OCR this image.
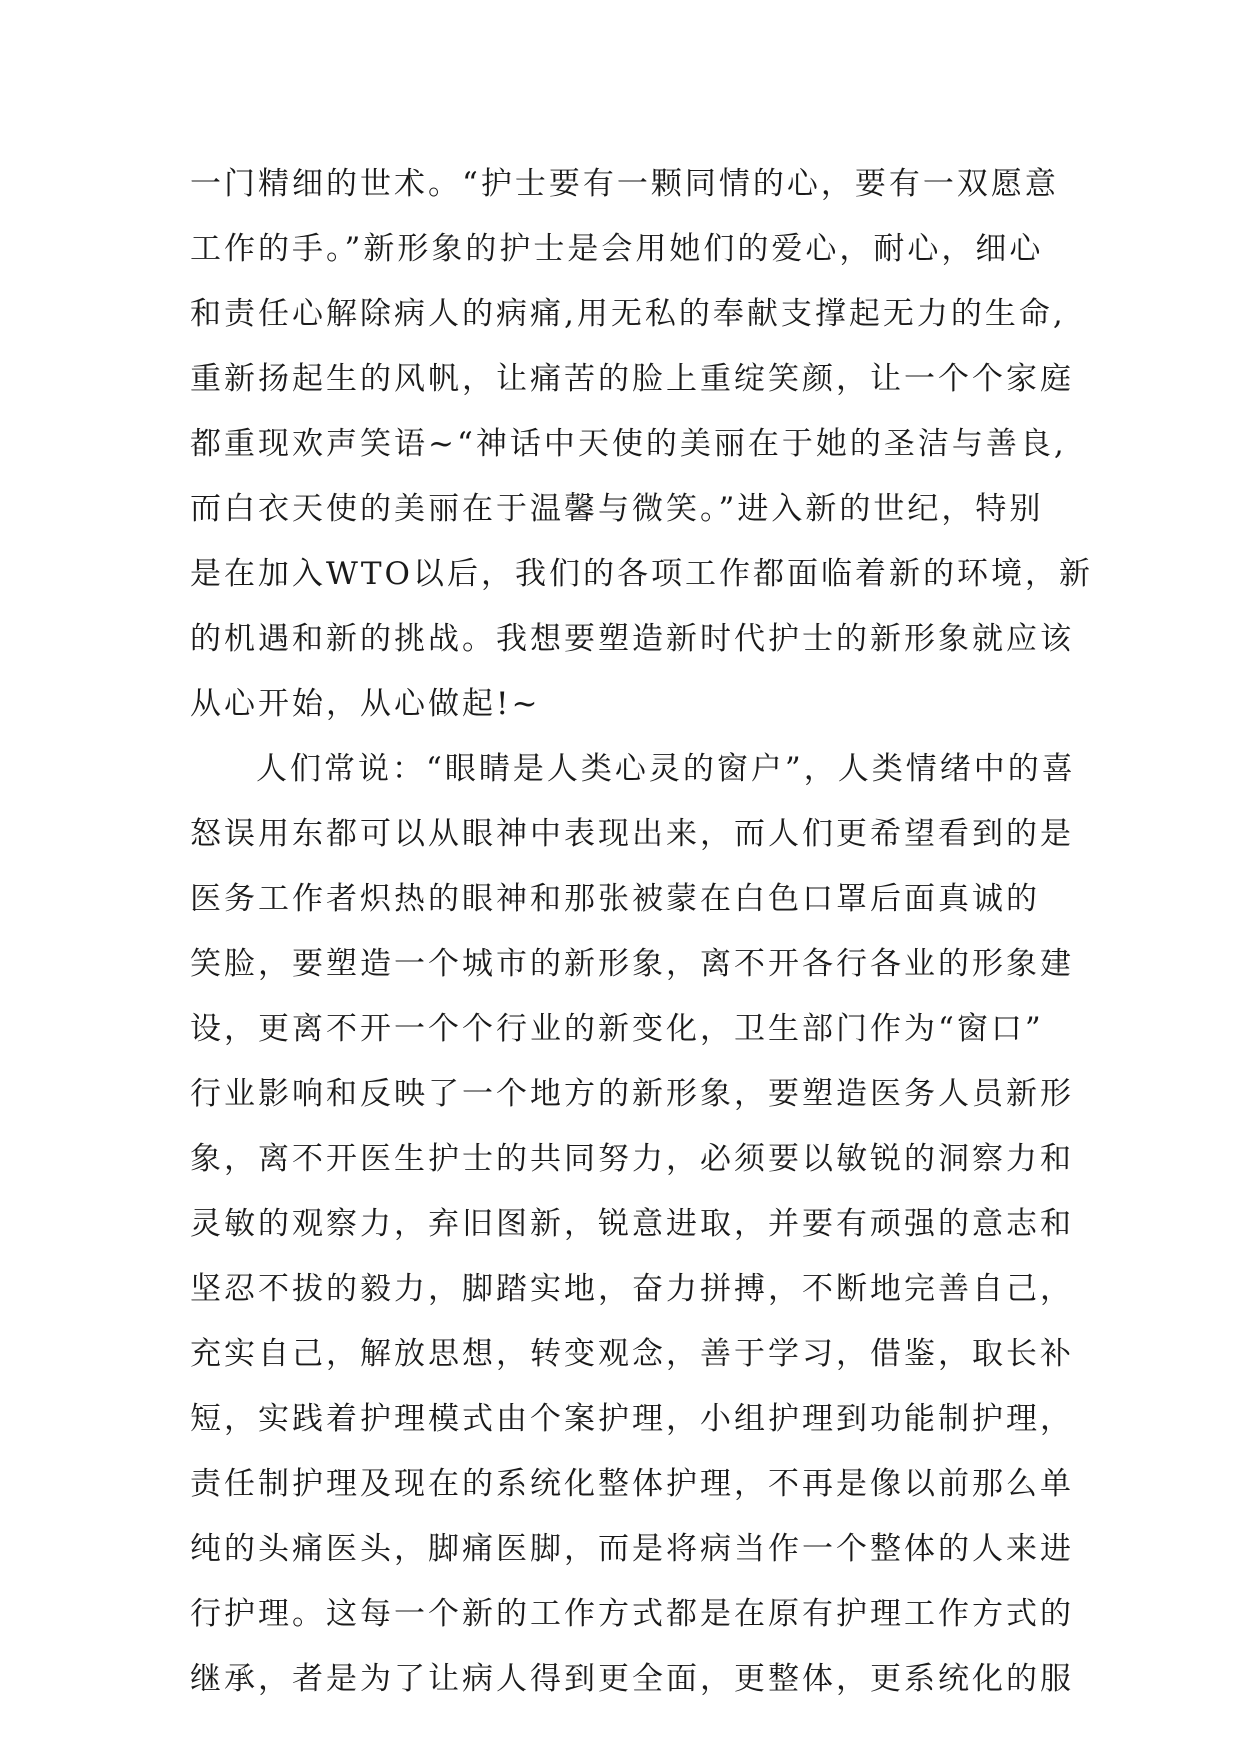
一门精细的世术。“护士要有一颗同情的心，要有一双愿意
工作的手。”新形象的护士是会用她们的爱心，耐心，细心
和责任心解除病人的病痛,用无私的奉献支撑起无力的生命,
重新扬起生的风帆，让痛苦的脸上重绽笑颜，让一个个家庭
都重现欢声笑语~“神话中天使的美丽在于她的圣洁与善良,
而白衣天使的美丽在于温馨与微笑。”进入新的世纪，特别
是在加入WTO以后，我们的各项工作都面临着新的环境，新
的机遇和新的挑战。我想要塑造新时代护士的新形象就应该
从心开始，从心做起!~
人们常说：“眼睛是人类心灵的窗户”，人类情绪中的喜
怒误用东都可以从眼神中表现出来，而人们更希望看到的是
医务工作者炽热的眼神和那张被蒙在白色口罩后面真诚的
笑脸，要塑造一个城市的新形象，离不开各行各业的形象建
设，更离不开一个个行业的新变化，卫生部门作为“窗口”
行业影响和反映了一个地方的新形象，要塑造医务人员新形
象，离不开医生护士的共同努力，必须要以敏锐的洞察力和
灵敏的观察力，弃旧图新，锐意进取，并要有顽强的意志和
坚忍不拔的毅力，脚踏实地，奋力拼搏，不断地完善自己，
充实自己，解放思想，转变观念，善于学习，借鉴，取长补
短，实践着护理模式由个案护理，小组护理到功能制护理，
责任制护理及现在的系统化整体护理，不再是像以前那么单
纯的头痛医头，脚痛医脚，而是将病当作一个整体的人来进
行护理。这每一个新的工作方式都是在原有护理工作方式的
继承，者是为了让病人得到更全面，更整体，更系统化的服
